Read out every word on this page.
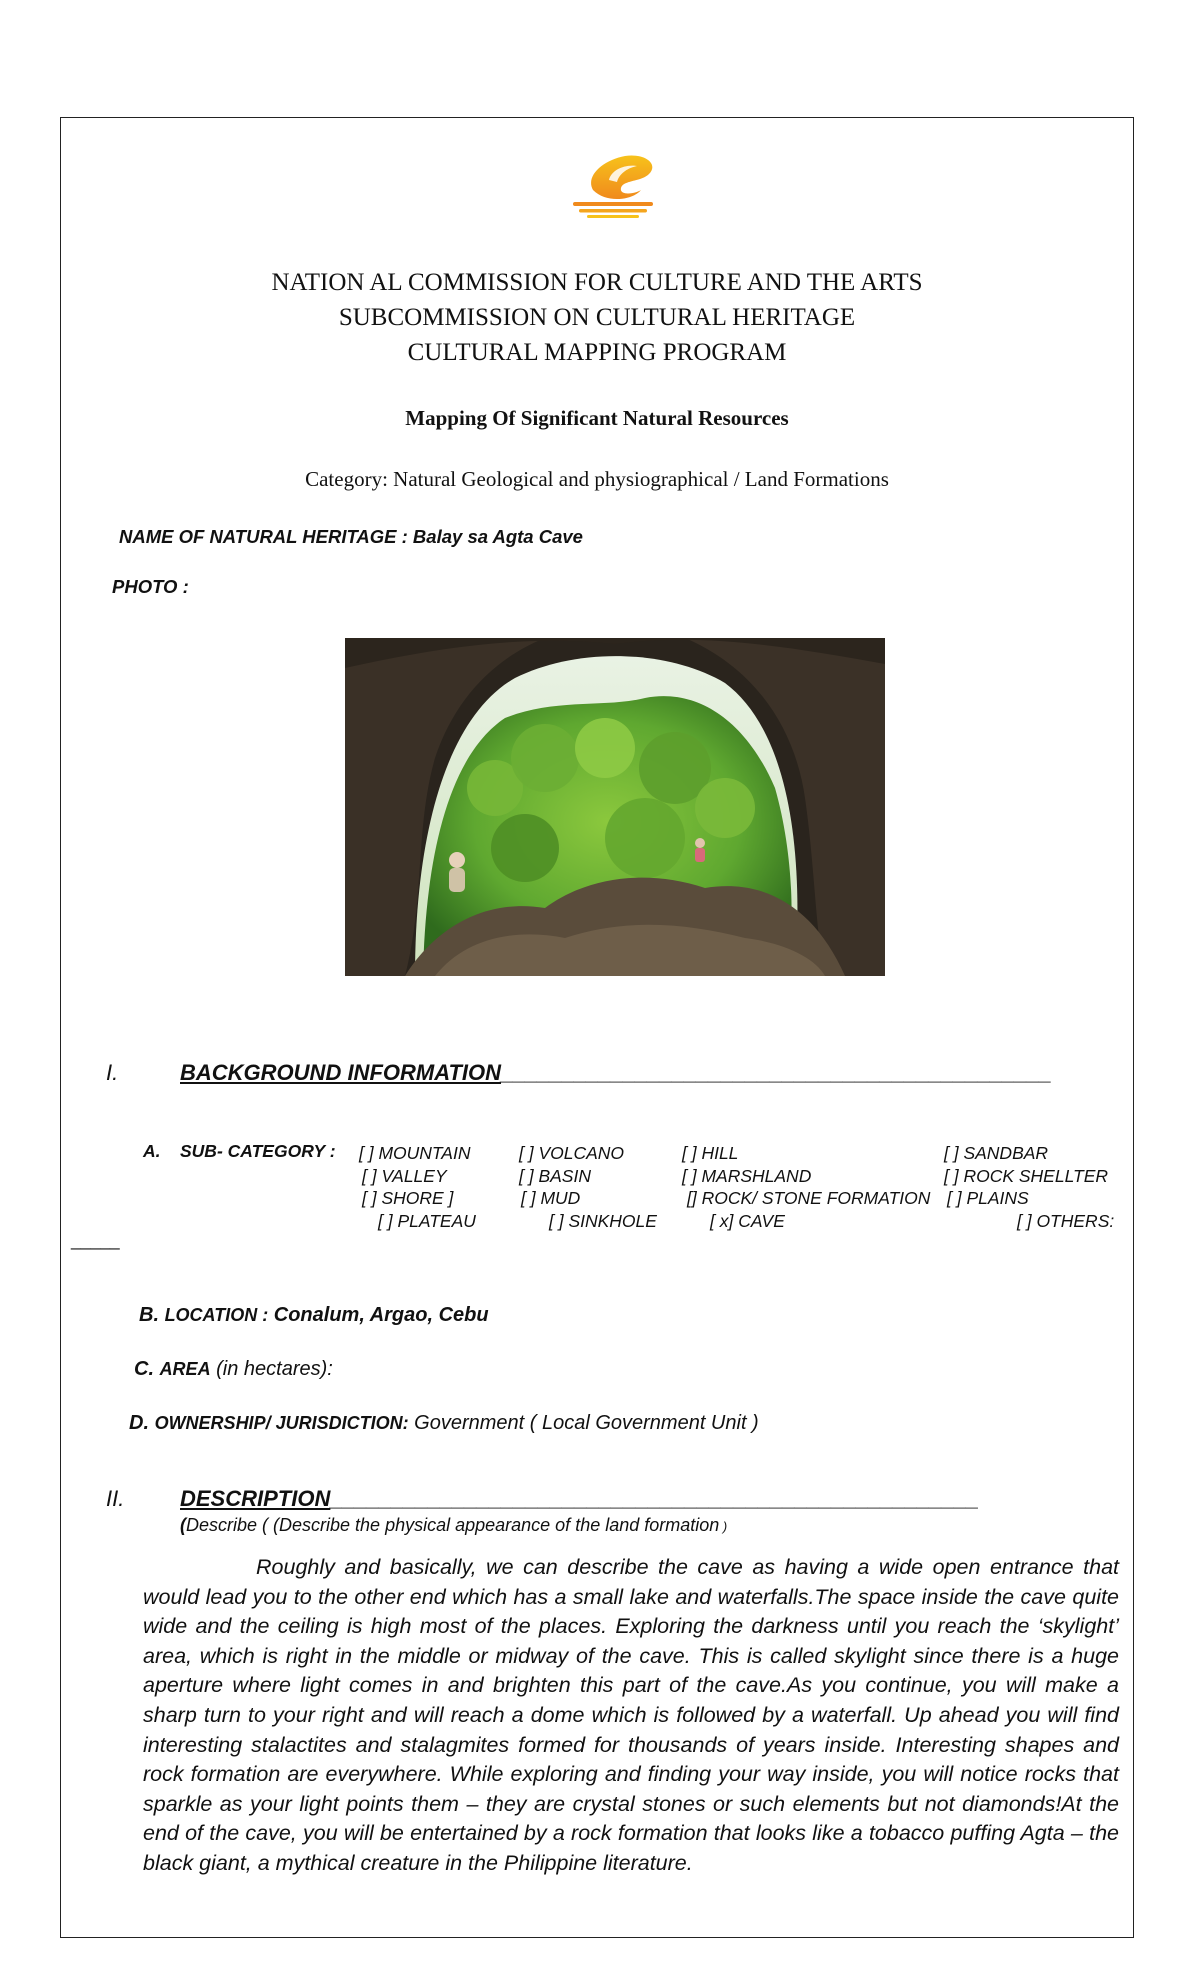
NATION AL COMMISSION FOR CULTURE AND THE ARTS
SUBCOMMISSION ON CULTURAL HERITAGE
CULTURAL MAPPING PROGRAM
Mapping Of Significant Natural Resources
Category: Natural Geological and physiographical / Land Formations
NAME OF NATURAL HERITAGE : Balay sa Agta Cave
PHOTO :
I.	BACKGROUND INFORMATION_____________________________________________
A. SUB- CATEGORY : [ ] MOUNTAIN	[ ] VOLCANO	[ ] HILL	[ ] SANDBAR
[ ] VALLEY	[ ] BASIN	[ ] MARSHLAND	[ ] ROCK SHELLTER
[ ] SHORE ]	[ ] MUD	[] ROCK/ STONE FORMATION [ ] PLAINS
[ ] PLATEAU	[ ] SINKHOLE	[ x] CAVE	[ ] OTHERS:
_____
B. LOCATION : Conalum, Argao, Cebu
C. AREA (in hectares):
D. OWNERSHIP/ JURISDICTION: Government ( Local Government Unit )
II.	DESCRIPTION_____________________________________________________
(Describe ( (Describe the physical appearance of the land formation )

Roughly and basically, we can describe the cave as having a wide open entrance that would lead you to the other end which has a small lake and waterfalls.The space inside the cave quite wide and the ceiling is high most of the places. Exploring the darkness until you reach the ‘skylight’ area, which is right in the middle or midway of the cave. This is called skylight since there is a huge aperture where light comes in and brighten this part of the cave.As you continue, you will make a sharp turn to your right and will reach a dome which is followed by a waterfall. Up ahead you will find interesting stalactites and stalagmites formed for thousands of years inside. Interesting shapes and rock formation are everywhere. While exploring and finding your way inside, you will notice rocks that sparkle as your light points them – they are crystal stones or such elements but not diamonds!At the end of the cave, you will be entertained by a rock formation that looks like a tobacco puffing Agta – the black giant, a mythical creature in the Philippine literature.
